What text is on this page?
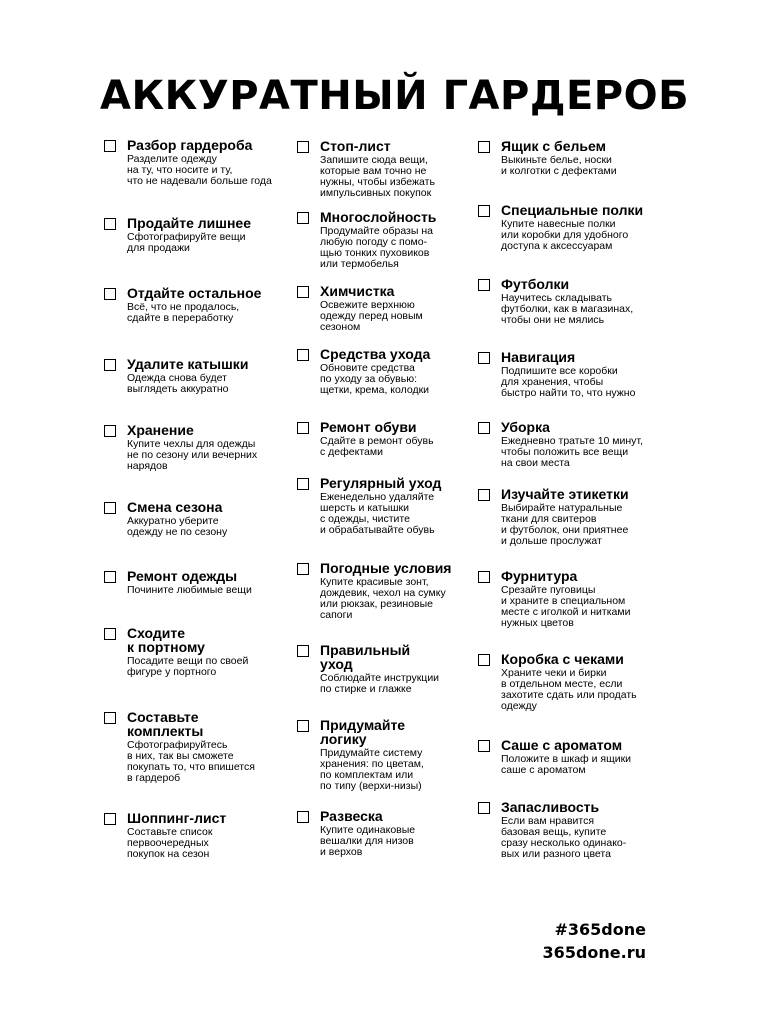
АККУРАТНЫЙ ГАРДЕРОБ
Разбор гардероба
Разделите одежду
на ту, что носите и ту,
что не надевали больше года
Продайте лишнее
Сфотографируйте вещи
для продажи
Отдайте остальное
Всё, что не продалось,
сдайте в переработку
Удалите катышки
Одежда снова будет
выглядеть аккуратно
Хранение
Купите чехлы для одежды
не по сезону или вечерних
нарядов
Смена сезона
Аккуратно уберите
одежду не по сезону
Ремонт одежды
Почините любимые вещи
Сходите
к портному
Посадите вещи по своей
фигуре у портного
Составьте
комплекты
Сфотографируйтесь
в них, так вы сможете
покупать то, что впишется
в гардероб
Шоппинг-лист
Составьте список
первоочередных
покупок на сезон
Стоп-лист
Запишите сюда вещи,
которые вам точно не
нужны, чтобы избежать
импульсивных покупок
Многослойность
Продумайте образы на
любую погоду с помо-
щью тонких пуховиков
или термобелья
Химчистка
Освежите верхнюю
одежду перед новым
сезоном
Средства ухода
Обновите средства
по уходу за обувью:
щетки, крема, колодки
Ремонт обуви
Сдайте в ремонт обувь
с дефектами
Регулярный уход
Еженедельно удаляйте
шерсть и катышки
с одежды, чистите
и обрабатывайте обувь
Погодные условия
Купите красивые зонт,
дождевик, чехол на сумку
или рюкзак, резиновые
сапоги
Правильный
уход
Соблюдайте инструкции
по стирке и глажке
Придумайте
логику
Придумайте систему
хранения: по цветам,
по комплектам или
по типу (верхи-низы)
Развеска
Купите одинаковые
вешалки для низов
и верхов
Ящик с бельем
Выкиньте белье, носки
и колготки с дефектами
Специальные полки
Купите навесные полки
или коробки для удобного
доступа к аксессуарам
Футболки
Научитесь складывать
футболки, как в магазинах,
чтобы они не мялись
Навигация
Подпишите все коробки
для хранения, чтобы
быстро найти то, что нужно
Уборка
Ежедневно тратьте 10 минут,
чтобы положить все вещи
на свои места
Изучайте этикетки
Выбирайте натуральные
ткани для свитеров
и футболок, они приятнее
и дольше прослужат
Фурнитура
Срезайте пуговицы
и храните в специальном
месте с иголкой и нитками
нужных цветов
Коробка с чеками
Храните чеки и бирки
в отдельном месте, если
захотите сдать или продать
одежду
Саше с ароматом
Положите в шкаф и ящики
саше с ароматом
Запасливость
Если вам нравится
базовая вещь, купите
сразу несколько одинако-
вых или разного цвета
#365done
365done.ru
